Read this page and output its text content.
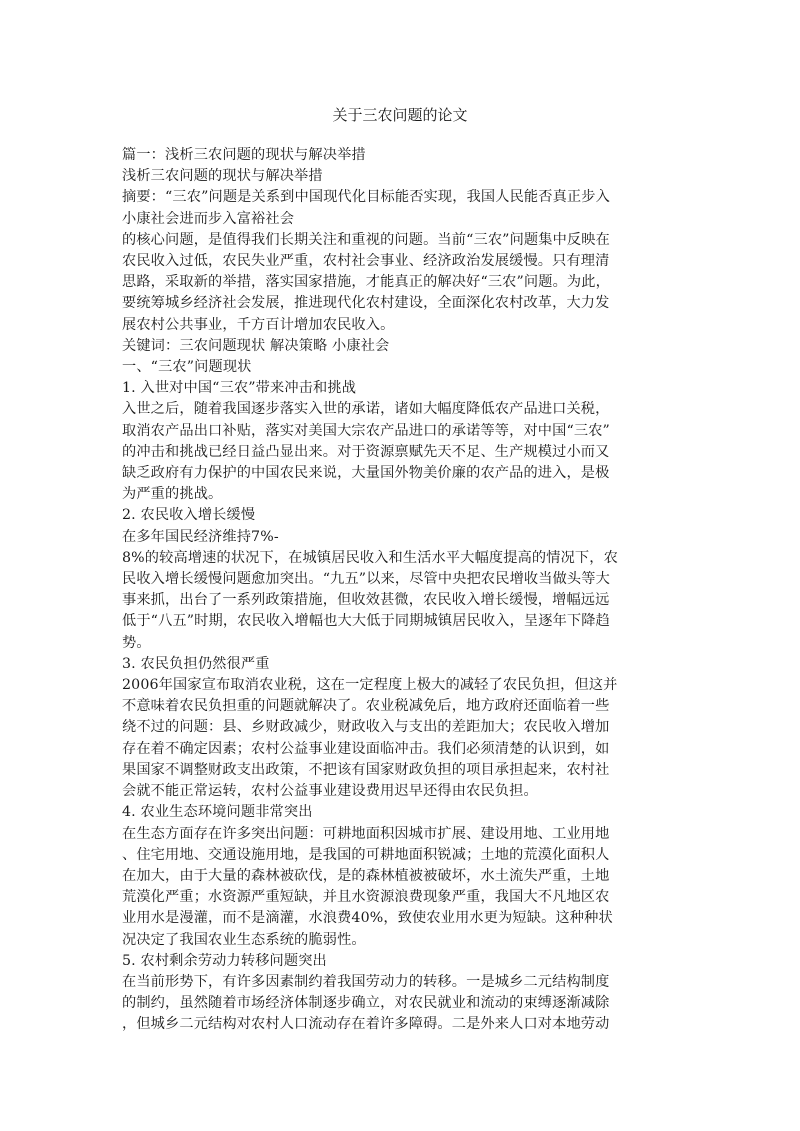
关于三农问题的论文
篇一：浅析三农问题的现状与解决举措
浅析三农问题的现状与解决举措
摘要：“三农”问题是关系到中国现代化目标能否实现，我国人民能否真正步入
小康社会进而步入富裕社会
的核心问题，是值得我们长期关注和重视的问题。当前“三农”问题集中反映在
农民收入过低，农民失业严重，农村社会事业、经济政治发展缓慢。只有理清
思路，采取新的举措，落实国家措施，才能真正的解决好“三农”问题。为此，
要统筹城乡经济社会发展，推进现代化农村建设，全面深化农村改革，大力发
展农村公共事业，千方百计增加农民收入。
关键词：三农问题现状 解决策略 小康社会
一、“三农”问题现状
1. 入世对中国“三农”带来冲击和挑战
入世之后，随着我国逐步落实入世的承诺，诸如大幅度降低农产品进口关税，
取消农产品出口补贴，落实对美国大宗农产品进口的承诺等等，对中国“三农”
的冲击和挑战已经日益凸显出来。对于资源禀赋先天不足、生产规模过小而又
缺乏政府有力保护的中国农民来说，大量国外物美价廉的农产品的进入，是极
为严重的挑战。
2. 农民收入增长缓慢
在多年国民经济维持7%-
8%的较高增速的状况下，在城镇居民收入和生活水平大幅度提高的情况下，农
民收入增长缓慢问题愈加突出。“九五”以来，尽管中央把农民增收当做头等大
事来抓，出台了一系列政策措施，但收效甚微，农民收入增长缓慢，增幅远远
低于“八五”时期，农民收入增幅也大大低于同期城镇居民收入，呈逐年下降趋
势。
3. 农民负担仍然很严重
2006年国家宣布取消农业税，这在一定程度上极大的减轻了农民负担，但这并
不意味着农民负担重的问题就解决了。农业税减免后，地方政府还面临着一些
绕不过的问题：县、乡财政减少，财政收入与支出的差距加大；农民收入增加
存在着不确定因素；农村公益事业建设面临冲击。我们必须清楚的认识到，如
果国家不调整财政支出政策，不把该有国家财政负担的项目承担起来，农村社
会就不能正常运转，农村公益事业建设费用迟早还得由农民负担。
4. 农业生态环境问题非常突出
在生态方面存在许多突出问题：可耕地面积因城市扩展、建设用地、工业用地
、住宅用地、交通设施用地，是我国的可耕地面积锐减；土地的荒漠化面积人
在加大，由于大量的森林被砍伐，是的森林植被被破坏，水土流失严重，土地
荒漠化严重；水资源严重短缺，并且水资源浪费现象严重，我国大不凡地区农
业用水是漫灌，而不是滴灌，水浪费40%，致使农业用水更为短缺。这种种状
况决定了我国农业生态系统的脆弱性。
5. 农村剩余劳动力转移问题突出
在当前形势下，有许多因素制约着我国劳动力的转移。一是城乡二元结构制度
的制约，虽然随着市场经济体制逐步确立，对农民就业和流动的束缚逐渐减除
，但城乡二元结构对农村人口流动存在着许多障碍。二是外来人口对本地劳动
